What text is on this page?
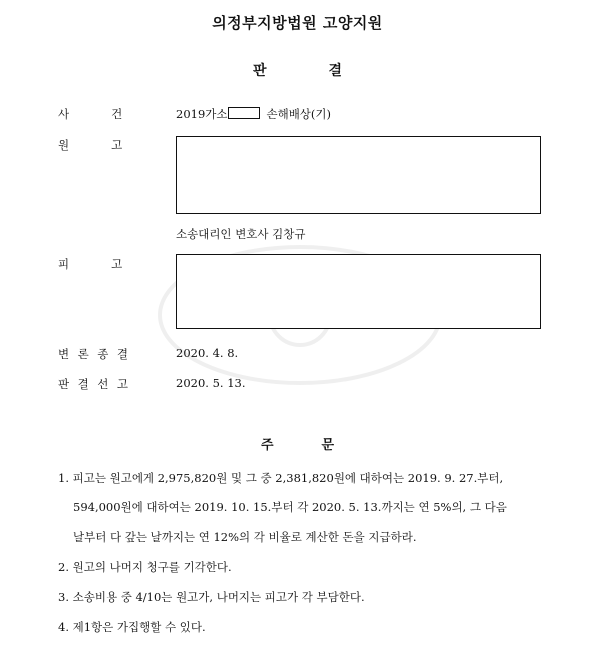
의정부지방법원 고양지원
판결
사건 2019가소	손해배상(기)
원고
소송대리인 변호사 김창규
피고
변론종결	2020. 4. 8.
판결선고	2020. 5. 13.
주문
1. 피고는 원고에게 2,975,820원 및 그 중 2,381,820원에 대하여는 2019. 9. 27.부터,
594,000원에 대하여는 2019. 10. 15.부터 각 2020. 5. 13.까지는 연 5%의, 그 다음
날부터 다 갚는 날까지는 연 12%의 각 비율로 계산한 돈을 지급하라.
2. 원고의 나머지 청구를 기각한다.
3. 소송비용 중 4/10는 원고가, 나머지는 피고가 각 부담한다.
4. 제1항은 가집행할 수 있다.
